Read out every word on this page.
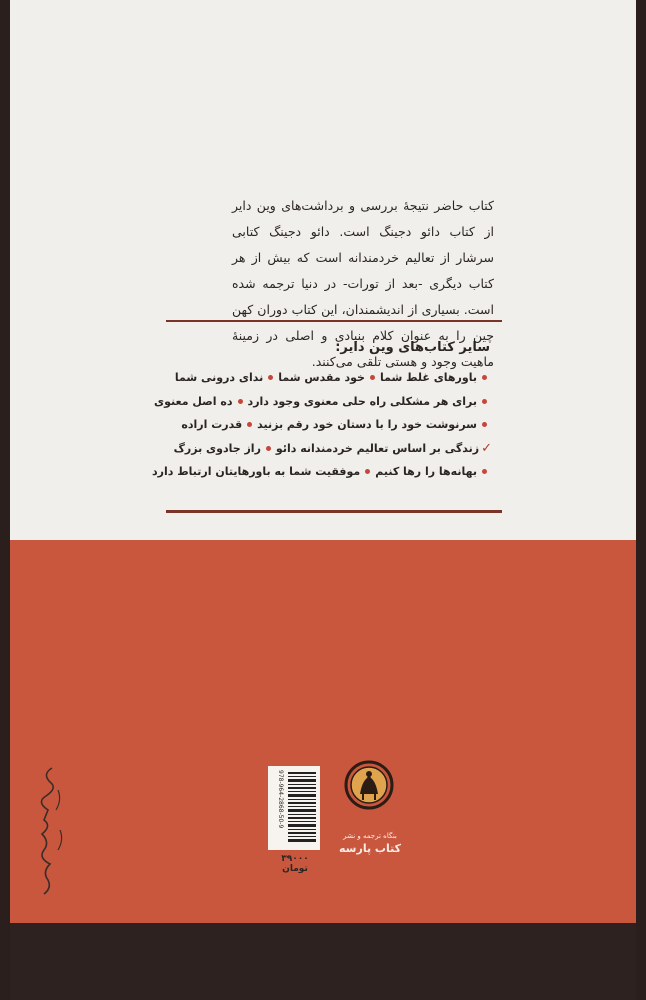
کتاب حاضر نتیجهٔ بررسی و برداشت‌های وین دایر از کتاب دائو دجینگ است. دائو دجینگ کتابی سرشار از تعالیم خردمندانه است که بیش از هر کتاب دیگری -بعد از تورات- در دنیا ترجمه شده است. بسیاری از اندیشمندان، این کتاب دوران کهن چین را به عنوان کلام بنیادی و اصلی در زمینهٔ ماهیت وجود و هستی تلقی می‌کنند.

سایر کتاب‌های وین دایر:
باورهای غلط شما
خود مقدس شما
ندای درونی شما
برای هر مشکلی راه حلی معنوی وجود دارد
ده اصل معنوی
سرنوشت خود را با دستان خود رقم بزنید
قدرت اراده
✓
زندگی بر اساس تعالیم خردمندانه دائو
راز جادوی بزرگ
بهانه‌ها را رها کنیم
موفقیت شما به باورهایتان ارتباط دارد
بنگاه ترجمه و نشر
کتاب پارسه
978-964-2868-50-9
۳۹۰۰۰ تومان
